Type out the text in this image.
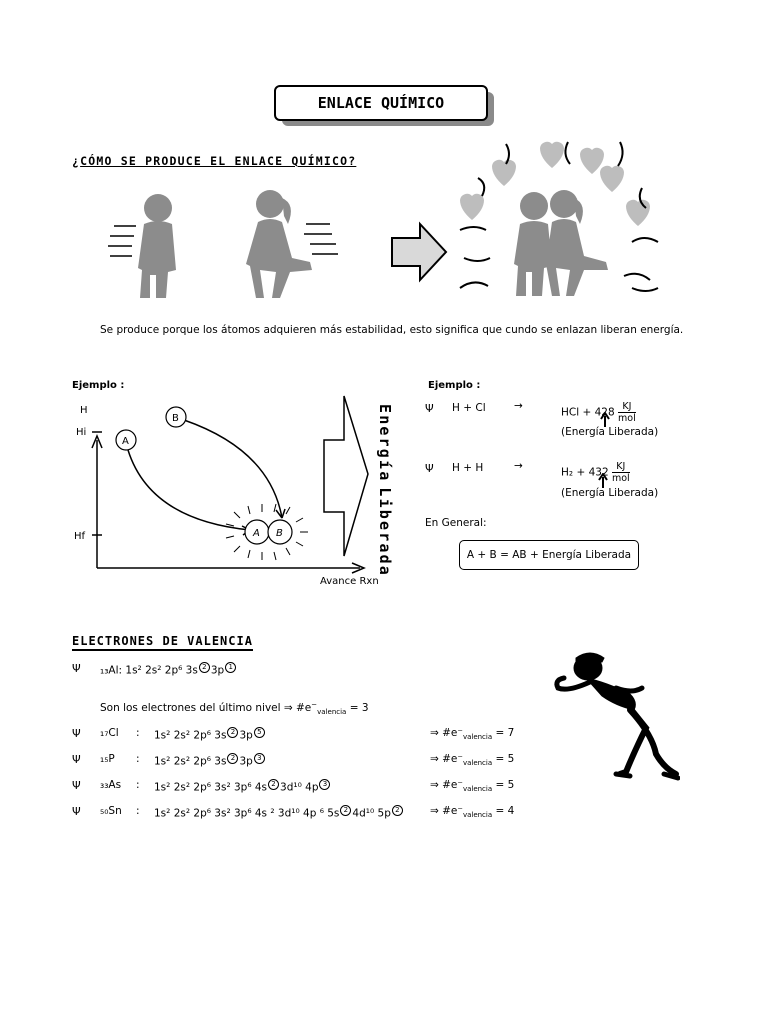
ENLACE QUÍMICO
¿CÓMO SE PRODUCE EL ENLACE QUÍMICO?
Se produce porque los átomos adquieren más estabilidad, esto significa que cundo se enlazan liberan energía.
Ejemplo :
H
Hi
Hf
Avance Rxn
A
B
A B
E
n
e
r
g
í
a
L
i
b
e
r
a
d
a
Ejemplo :
Ψ H + Cl	→
HCl + $428 \frac{KJ}{\text{mol}}$
(Energía Liberada)
Ψ H + H	→
$H_2 + 432 \frac{KJ}{\text{mol}}$
(Energía Liberada)
En General:
A + B = AB + Energía Liberada
ELECTRONES DE VALENCIA
Ψ ₁₃Al: 1s² 2s² 2p⁶ 3s 2 3p 1
Son los electrones del último nivel ⇒ $\#e^-_{valencia} = 3$
Ψ ₁₇Cl : 1s² 2s² 2p⁶ 3s 2 3p 5	⇒ $\#e^-_{valencia} = 7$
Ψ ₁₅P : 1s² 2s² 2p⁶ 3s 2 3p 3	⇒ $\#e^-_{valencia} = 5$
Ψ ₃₃As : 1s² 2s² 2p⁶ 3s² 3p⁶ 4s 2 3d¹⁰ 4p 3	⇒ $\#e^-_{valencia} = 5$
Ψ ₅₀Sn : 1s² 2s² 2p⁶ 3s² 3p⁶ 4s ² 3d¹⁰ 4p ⁶ 5s 2 4d¹⁰ 5p 2	⇒ $\#e^-_{valencia} = 4$
